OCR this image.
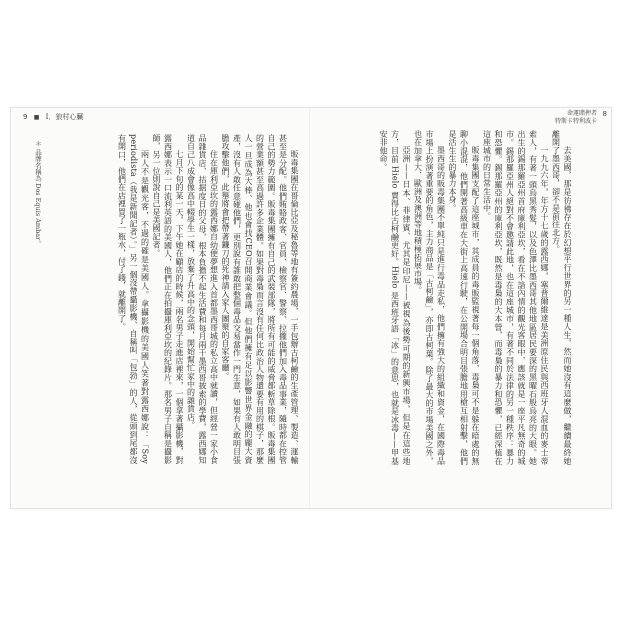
9 ■ I．狼村心臟	命運賭押者
特斯卡特利波卡
8

販毒集團在哥倫比亞及秘魯等地有簽約農場，一手包辦古柯鹼的生產管理、製造、運輸甚至是分配。他們賄賂政客、官員、檢察官、警察、拉攏他們加入毒品事業，隨時都在控管自己的勢力範圍。販毒集團擁有自己的武裝部隊，將所有可能的威脅都斬草除根。販毒集團的營業額甚至高過許多企業體。如果對毒梟而言沒有任何比政治人物還要有用的棋子，那麼人一旦成為大棒、他也會找CEO召開商業會議。但他們擁有足以影響世界金融的龐大資產，沒有人敢任意碰他們，更別說有誰敢把整個毒品交易當作一門生意，如果有人敢明目張膽攻擊他們，此舉將會把帶著鐮刀的死神請入家人團聚的自家客廳。

住在庫利亞坎的露西娜自幼便夢想進入首都墨西哥城的私立高中就讀，但經營一家小食品雜貨店、拮据度日的父母，根本負擔不起生活費和每月兩千墨西哥披索的學費，露西娜知道自己八成會像高中輟學生一樣，放棄了升高中的念頭，開始幫忙家中的雜貨店。

七月下旬的某一天，下午她在顧店的時候，兩名男子走進店裡來，一個拿著攝影機，對露西娜表示一口流利英語的美國人，他們正在拍攝庫利亞坎的紀錄片。那名男子自稱是攝影師，另一位則說自己是美國記者。

兩人不是觀光客，不過的確是美國人。拿攝影機的美國人笑著對露西娜說：「Soy periodista（我是新聞記者）。」另一個沒帶攝影機、自稱叫「包勃」的人，從頭到尾都沒有開口，他們在店裡買了一瓶水，付了錢，就離開了。

＊ 品牌名稱為 Dos Equis Ambar。	去美國，那是彷彿存在於幻想平行世界的另一種人生，然而她沒有這麼做，繼續最終她離開了墨西哥，卻不是前往北方。

一九九六年，年方十七歲的露西娜，塞普爾維達是美洲原住民與西班牙人混血的麥士蒂索人，有著一頭烏黑秀髮，以及色澤比墨西哥其他地區居民要深的黑曜石般烏亮的大眼。她出生的錫那羅亞州首府庫利亞坎，看在不諳內情的觀光客眼中，應該就是一座平凡無奇的城市。錫那羅亞州人絕對不會邀請此地，也在這座城市，有著不同於法律的另一種秩序：暴力和恐懼。錫那羅亞州的庫利亞坎，既然是毒梟的大本營，而毒梟的暴力和恐懼，已經深植在這座城市的日常生活中。

販毒集團支配了這座城市，其成員的毒販監視著每一個角落，毒梟可不是躲在暗處的無聊小混混，他們開著高級車在大街上高速行駛，在公開場合明目張膽地用槍互相射擊，他們是活生生的暴力本身。

墨西哥的販毒集團不單純只是進行毒品走私，他們擁有強大的組織和資金，在國際毒品市場上扮演著重要的角色，主力商品是「古柯鹼」，亦即古柯葉。除了最大的市場美國之外，也在加拿大、歐洲及澳洲等地積極拓展市場。

亞洲——日本、菲律賓、尤其是印尼——被視為後勢可期的新興市場，但是在這些地方，目前 Hielo 賣得比古柯鹼更好。Hielo 是西班牙語「冰」的意思，也就是冰毒——甲基安非他命。
